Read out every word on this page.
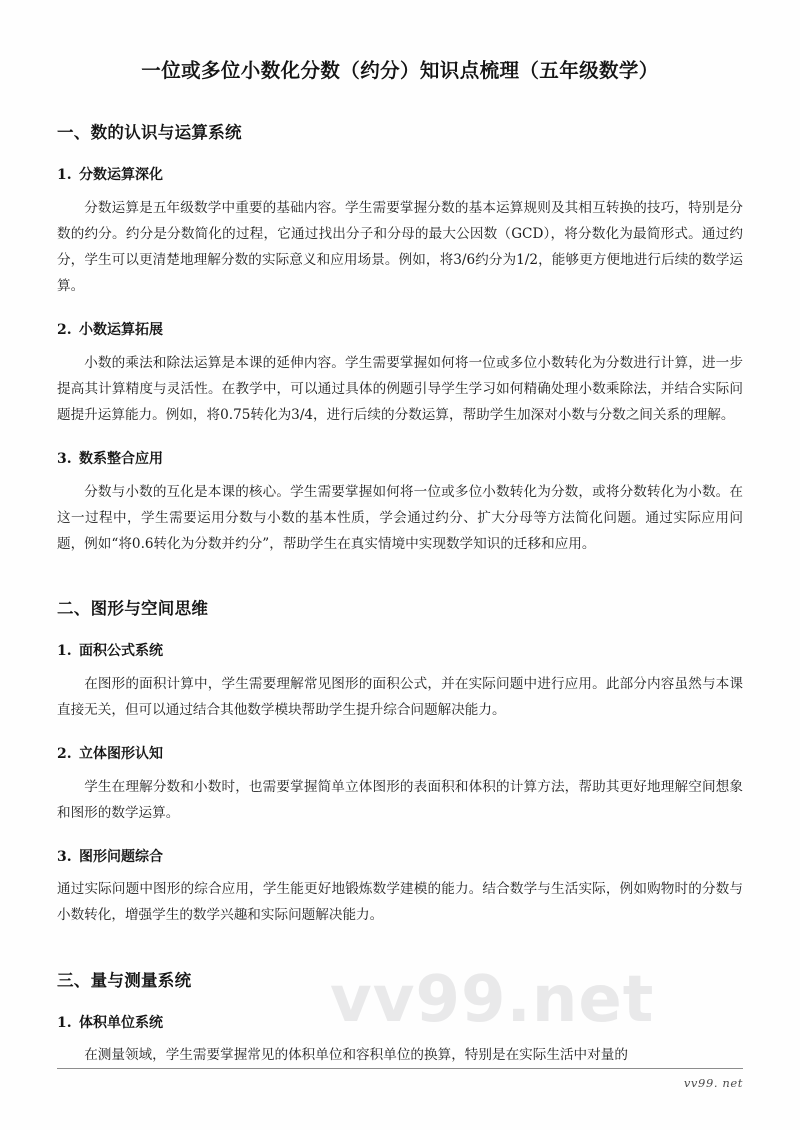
vv99.net
一位或多位小数化分数（约分）知识点梳理（五年级数学）
一、数的认识与运算系统
1. 分数运算深化

分数运算是五年级数学中重要的基础内容。学生需要掌握分数的基本运算规则及其相互转换的技巧，特别是分数的约分。约分是分数简化的过程，它通过找出分子和分母的最大公因数（GCD），将分数化为最简形式。通过约分，学生可以更清楚地理解分数的实际意义和应用场景。例如，将3/6约分为1/2，能够更方便地进行后续的数学运算。

2. 小数运算拓展

小数的乘法和除法运算是本课的延伸内容。学生需要掌握如何将一位或多位小数转化为分数进行计算，进一步提高其计算精度与灵活性。在教学中，可以通过具体的例题引导学生学习如何精确处理小数乘除法，并结合实际问题提升运算能力。例如，将0.75转化为3/4，进行后续的分数运算，帮助学生加深对小数与分数之间关系的理解。

3. 数系整合应用

分数与小数的互化是本课的核心。学生需要掌握如何将一位或多位小数转化为分数，或将分数转化为小数。在这一过程中，学生需要运用分数与小数的基本性质，学会通过约分、扩大分母等方法简化问题。通过实际应用问题，例如“将0.6转化为分数并约分”，帮助学生在真实情境中实现数学知识的迁移和应用。

二、图形与空间思维
1. 面积公式系统

在图形的面积计算中，学生需要理解常见图形的面积公式，并在实际问题中进行应用。此部分内容虽然与本课直接无关，但可以通过结合其他数学模块帮助学生提升综合问题解决能力。

2. 立体图形认知

学生在理解分数和小数时，也需要掌握简单立体图形的表面积和体积的计算方法，帮助其更好地理解空间想象和图形的数学运算。

3. 图形问题综合

通过实际问题中图形的综合应用，学生能更好地锻炼数学建模的能力。结合数学与生活实际，例如购物时的分数与小数转化，增强学生的数学兴趣和实际问题解决能力。

三、量与测量系统
1. 体积单位系统

在测量领域，学生需要掌握常见的体积单位和容积单位的换算，特别是在实际生活中对量的

vv99. net
